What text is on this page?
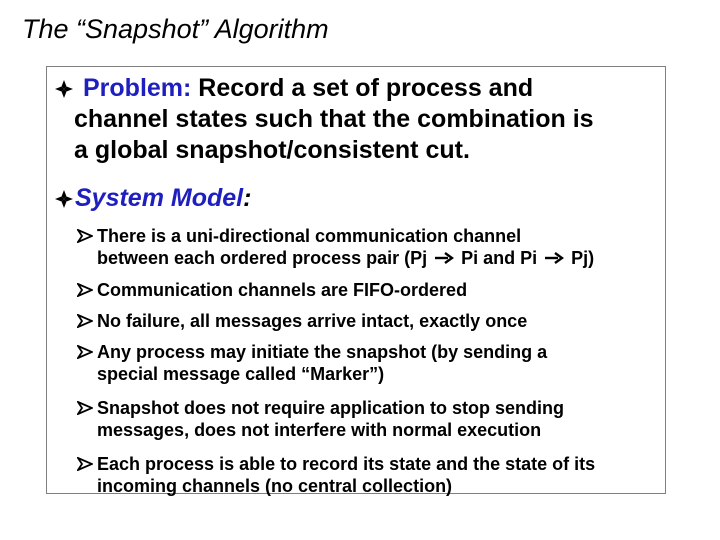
The “Snapshot” Algorithm
Problem: Record a set of process and
channel states such that the combination is
a global snapshot/consistent cut.
System Model:
There is a uni-directional communication channel
between each ordered process pair (Pj  Pi and Pi  Pj)
Communication channels are FIFO-ordered
No failure, all messages arrive intact, exactly once
Any process may initiate the snapshot (by sending a
special message called “Marker”)
Snapshot does not require application to stop sending
messages, does not interfere with normal execution
Each process is able to record its state and the state of its
incoming channels (no central collection)
